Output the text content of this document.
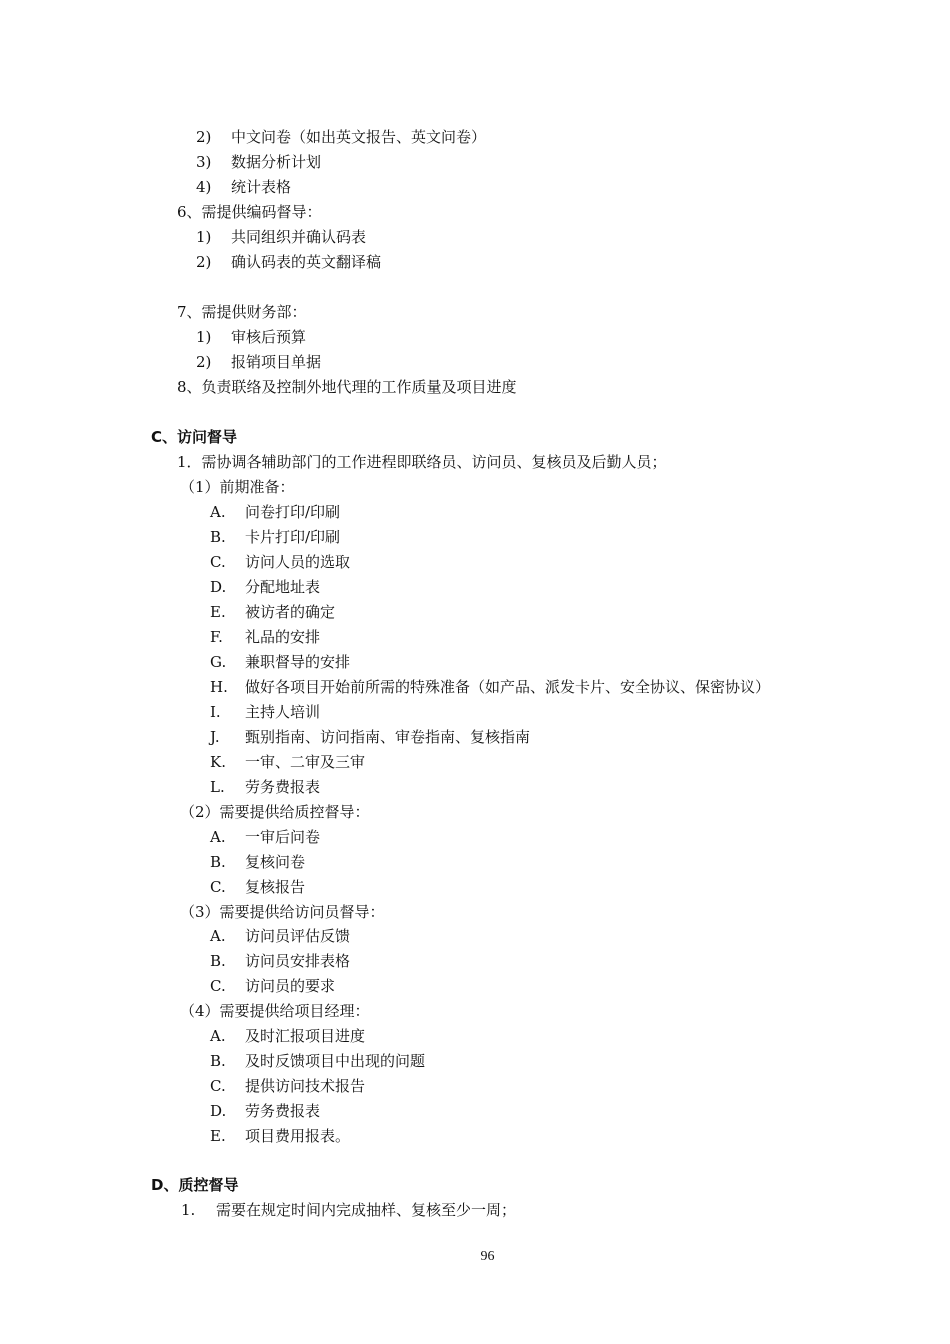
2) 中文问卷（如出英文报告、英文问卷）
3) 数据分析计划
4) 统计表格
6、需提供编码督导：
1) 共同组织并确认码表
2) 确认码表的英文翻译稿
7、需提供财务部：
1) 审核后预算
2) 报销项目单据
8、负责联络及控制外地代理的工作质量及项目进度
C、访问督导
1．需协调各辅助部门的工作进程即联络员、访问员、复核员及后勤人员；
（1）前期准备：
A. 问卷打印/印刷
B. 卡片打印/印刷
C. 访问人员的选取
D. 分配地址表
E. 被访者的确定
F. 礼品的安排
G. 兼职督导的安排
H. 做好各项目开始前所需的特殊准备（如产品、派发卡片、安全协议、保密协议）
I. 主持人培训
J. 甄别指南、访问指南、审卷指南、复核指南
K. 一审、二审及三审
L. 劳务费报表
（2）需要提供给质控督导：
A. 一审后问卷
B. 复核问卷
C. 复核报告
（3）需要提供给访问员督导：
A. 访问员评估反馈
B. 访问员安排表格
C. 访问员的要求
（4）需要提供给项目经理：
A. 及时汇报项目进度
B. 及时反馈项目中出现的问题
C. 提供访问技术报告
D. 劳务费报表
E. 项目费用报表。
D、质控督导
1. 需要在规定时间内完成抽样、复核至少一周；
96
